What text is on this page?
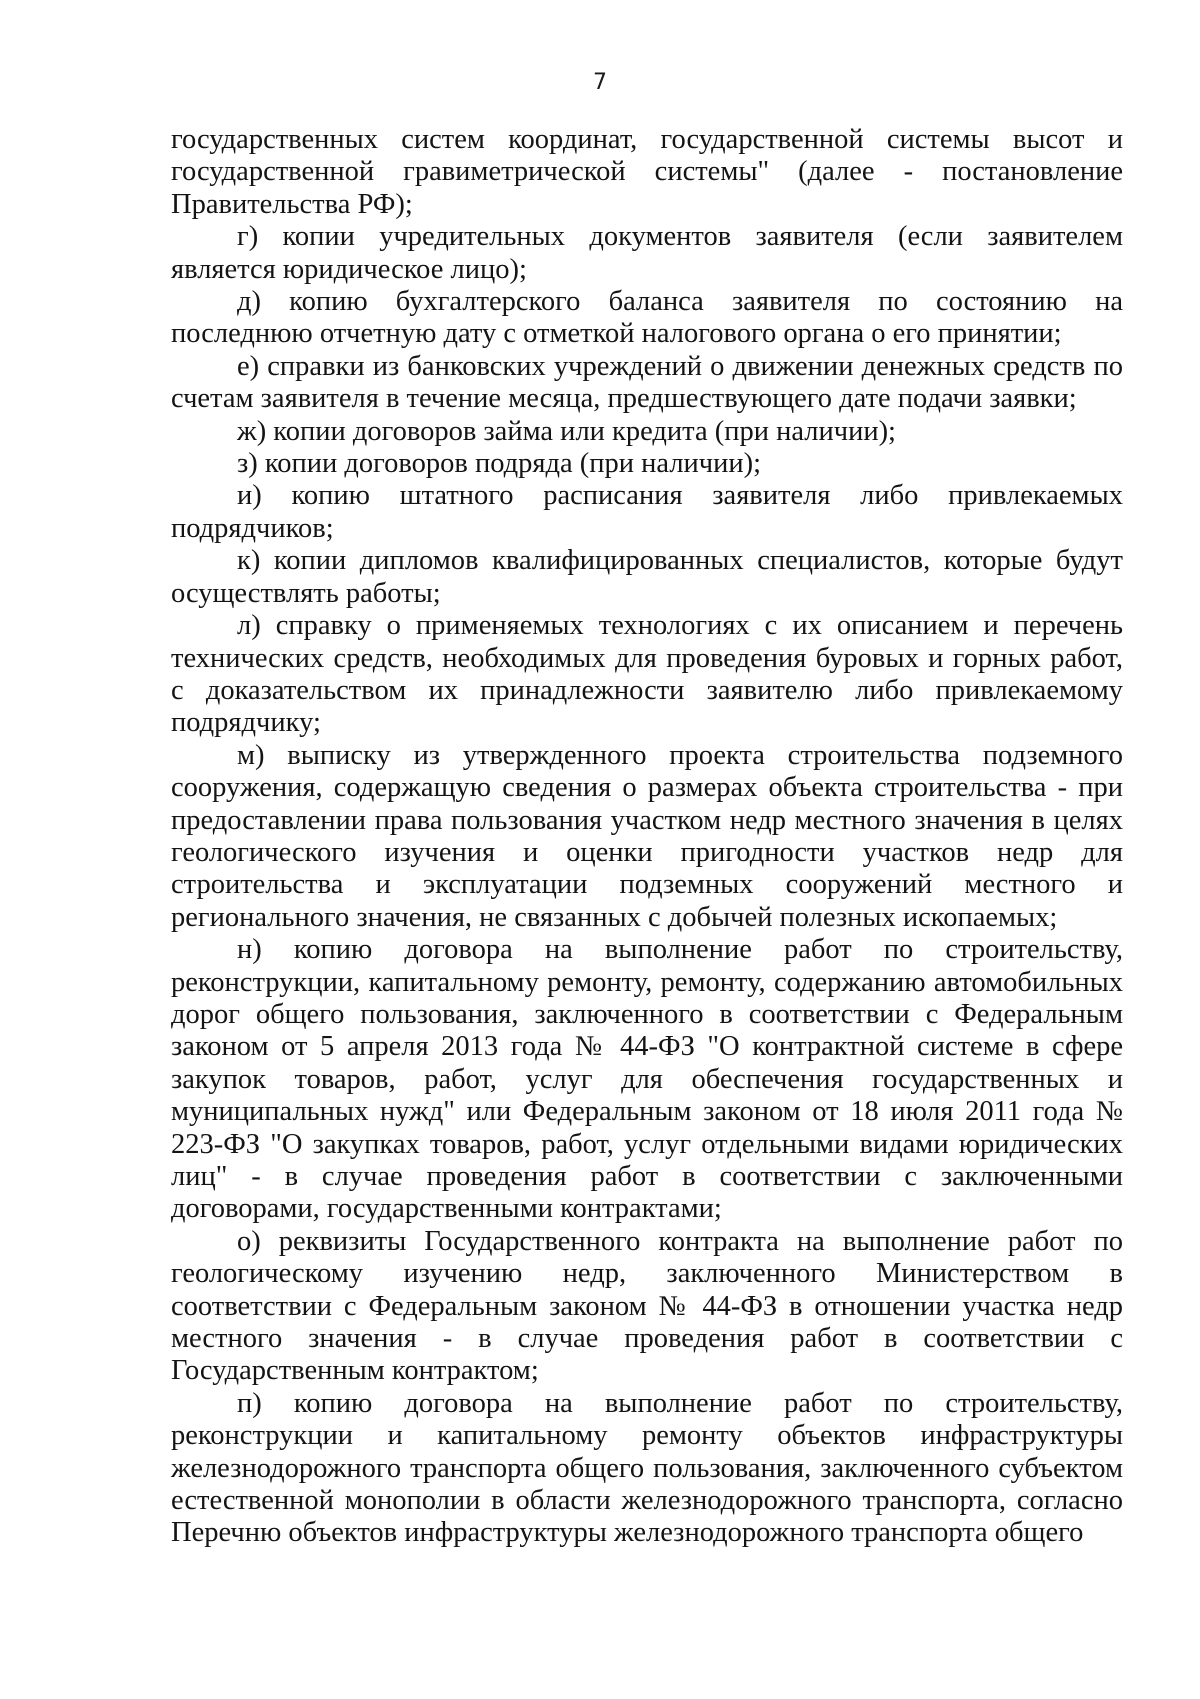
7

государственных систем координат, государственной системы высот и государственной гравиметрической системы" (далее - постановление Правительства РФ);

г) копии учредительных документов заявителя (если заявителем является юридическое лицо);

д) копию бухгалтерского баланса заявителя по состоянию на последнюю отчетную дату с отметкой налогового органа о его принятии;

е) справки из банковских учреждений о движении денежных средств по счетам заявителя в течение месяца, предшествующего дате подачи заявки;

ж) копии договоров займа или кредита (при наличии);

з) копии договоров подряда (при наличии);

и) копию штатного расписания заявителя либо привлекаемых подрядчиков;

к) копии дипломов квалифицированных специалистов, которые будут осуществлять работы;

л) справку о применяемых технологиях с их описанием и перечень технических средств, необходимых для проведения буровых и горных работ, с доказательством их принадлежности заявителю либо привлекаемому подрядчику;

м) выписку из утвержденного проекта строительства подземного сооружения, содержащую сведения о размерах объекта строительства - при предоставлении права пользования участком недр местного значения в целях геологического изучения и оценки пригодности участков недр для строительства и эксплуатации подземных сооружений местного и регионального значения, не связанных с добычей полезных ископаемых;

н) копию договора на выполнение работ по строительству, реконструкции, капитальному ремонту, ремонту, содержанию автомобильных дорог общего пользования, заключенного в соответствии с Федеральным законом от 5 апреля 2013 года № 44-ФЗ "О контрактной системе в сфере закупок товаров, работ, услуг для обеспечения государственных и муниципальных нужд" или Федеральным законом от 18 июля 2011 года № 223-ФЗ "О закупках товаров, работ, услуг отдельными видами юридических лиц" - в случае проведения работ в соответствии с заключенными договорами, государственными контрактами;

о) реквизиты Государственного контракта на выполнение работ по геологическому изучению недр, заключенного Министерством в соответствии с Федеральным законом № 44-ФЗ в отношении участка недр местного значения - в случае проведения работ в соответствии с Государственным контрактом;

п) копию договора на выполнение работ по строительству, реконструкции и капитальному ремонту объектов инфраструктуры железнодорожного транспорта общего пользования, заключенного субъектом естественной монополии в области железнодорожного транспорта, согласно Перечню объектов инфраструктуры железнодорожного транспорта общего
